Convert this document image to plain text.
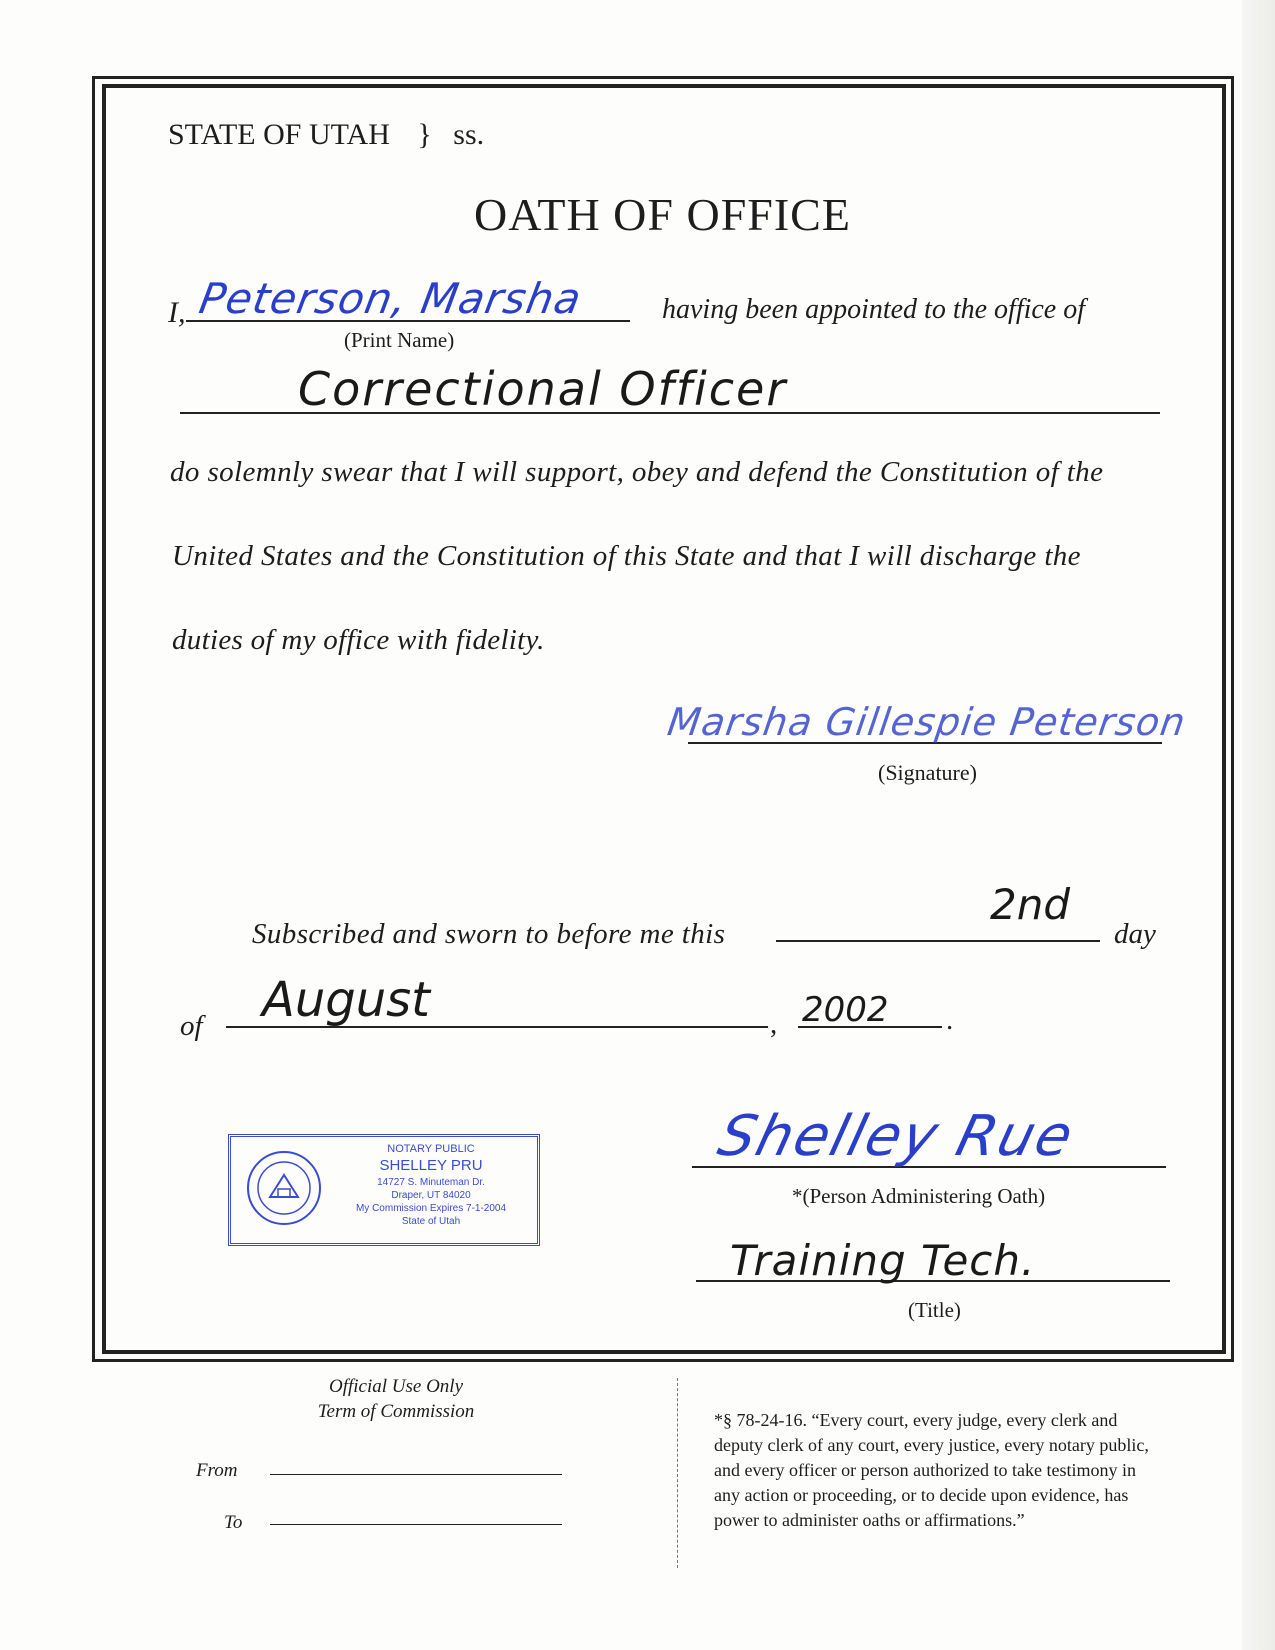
STATE OF UTAH } ss.
OATH OF OFFICE
I, Peterson, Marsha
(Print Name)
having been appointed to the office of
Correctional Officer
do solemnly swear that I will support, obey and defend the Constitution of the
United States and the Constitution of this State and that I will discharge the
duties of my office with fidelity.
Marsha Gillespie Peterson
(Signature)
Subscribed and sworn to before me this
2nd
day
of August	, 2002 .
NOTARY PUBLIC
SHELLEY PRU
14727 S. Minuteman Dr.
Draper, UT 84020
My Commission Expires 7-1-2004
State of Utah
Shelley Rue
*(Person Administering Oath)
Training Tech.
(Title)
Official Use Only
Term of Commission
From
To
*§ 78-24-16. “Every court, every judge, every clerk and
deputy clerk of any court, every justice, every notary public,
and every officer or person authorized to take testimony in
any action or proceeding, or to decide upon evidence, has
power to administer oaths or affirmations.”
